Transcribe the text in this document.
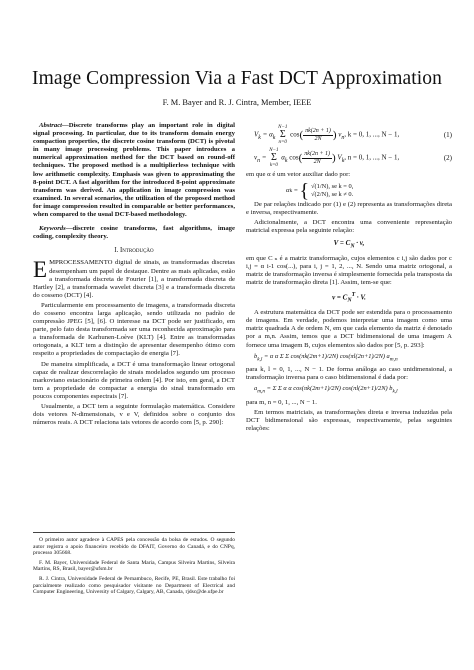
Image Compression Via a Fast DCT Approximation
F. M. Bayer and R. J. Cintra, Member, IEEE
Abstract—Discrete transforms play an important role in digital signal processing. In particular, due to its transform domain energy compaction properties, the discrete cosine transform (DCT) is pivotal in many image processing problems. This paper introduces a numerical approximation method for the DCT based on round-off techniques. The proposed method is a multiplierless technique with low arithmetic complexity. Emphasis was given to approximating the 8-point DCT. A fast algorithm for the introduced 8-point approximate transform was derived. An application in image compression was examined. In several scenarios, the utilization of the proposed method for image compression resulted in comparable or better performances, when compared to the usual DCT-based methodology.
Keywords—discrete cosine transforms, fast algorithms, image coding, complexity theory.
I. Introdução

E MPROCESSAMENTO digital de sinais, as transformadas discretas desempenham um papel de destaque. Dentre as mais aplicadas, estão a transformada discreta de Fourier [1], a transformada discreta de Hartley [2], a transformada wavelet discreta [3] e a transformada discreta do cosseno (DCT) [4].

Particularmente em processamento de imagens, a transformada discreta do cosseno encontra larga aplicação, sendo utilizada no padrão de compressão JPEG [5], [6]. O interesse na DCT pode ser justificado, em parte, pelo fato desta transformada ser uma reconhecida aproximação para a transformada de Karhunen-Loève (KLT) [4]. Entre as transformadas ortogonais, a KLT tem a distinção de apresentar desempenho ótimo com respeito a propriedades de compactação de energia [7].

De maneira simplificada, a DCT é uma transformação linear ortogonal capaz de realizar descorrelação de sinais modelados segundo um processo markoviano estacionário de primeira ordem [4]. Por isto, em geral, a DCT tem a propriedade de compactar a energia do sinal transformado em poucos componentes espectrais [7].

Usualmente, a DCT tem a seguinte formulação matemática. Considere dois vetores N-dimensionais, v e V, definidos sobre o conjunto dos números reais. A DCT relaciona tais vetores de acordo com [5, p. 290]:

O primeiro autor agradece à CAPES pela concessão da bolsa de estudos. O segundo autor registra o apoio financeiro recebido do DFAIT, Governo do Canadá, e do CNPq, processo 305668.

F. M. Bayer, Universidade Federal de Santa Maria, Campus Silveira Martins, Silveira Martins, RS, Brasil, bayer@ufsm.br

R. J. Cintra, Universidade Federal de Pernambuco, Recife, PE, Brasil. Este trabalho foi parcialmente realizado como pesquisador visitante no Department of Electrical and Computer Engineering, University of Calgary, Calgary, AB, Canada, rjdsc@de.ufpe.br

$V_k = \alpha_k$ N−1
Σ
n=0 $\cos( \frac{\pi k(2n + 1)}{2N}$ ) $v_n$, k = 0, 1, ..., N − 1,	(1)
$v_n = N-1$
Σ
k=0 $\alpha_k$ $\cos( \frac{\pi k(2n + 1)}{2N}$ ) $V_k$, n = 0, 1, ..., N − 1,	(2)

em que α é um vetor auxiliar dado por:

α k = { √(1/N), se k = 0,
√(2/N), se k ≠ 0.

De par relações indicado por (1) e (2) representa as transformações direta e inversa, respectivamente.

Adicionalmente, a DCT encontra uma conveniente representação matricial expressa pela seguinte relação:

$V = C_N \cdot v$,

em que C ₙ é a matriz transformação, cujos elementos c i,j são dados por c i,j = α i-1 cos(...), para i, j = 1, 2, ..., N. Sendo uma matriz ortogonal, a matriz de transformação inversa é simplesmente fornecida pela transposta da matriz de transformação direta [1]. Assim, tem-se que:

$v = C_N^T \cdot V$.

A estrutura matemática da DCT pode ser estendida para o processamento de imagens. Em verdade, podemos interpretar uma imagem como uma matriz quadrada A de ordem N, em que cada elemento da matriz é denotado por a m,n. Assim, temos que a DCT bidimensional de uma imagem A fornece uma imagem B, cujos elementos são dados por [5, p. 293]:

$b_{k,l} = \alpha$ α Σ Σ cos(πk(2m+1)/2N) cos(πl(2n+1)/2N) $a_{m,n}$

para k, l = 0, 1, ..., N − 1. De forma análoga ao caso unidimensional, a transformação inversa para o caso bidimensional é dada por:

$a_{m,n} = \Sigma$ Σ α α cos(πk(2m+1)/2N) cos(πl(2n+1)/2N) $b_{k,l}$

para m, n = 0, 1, ..., N − 1.

Em termos matriciais, as transformações direta e inversa induzidas pela DCT bidimensional são expressas, respectivamente, pelas seguintes relações:
